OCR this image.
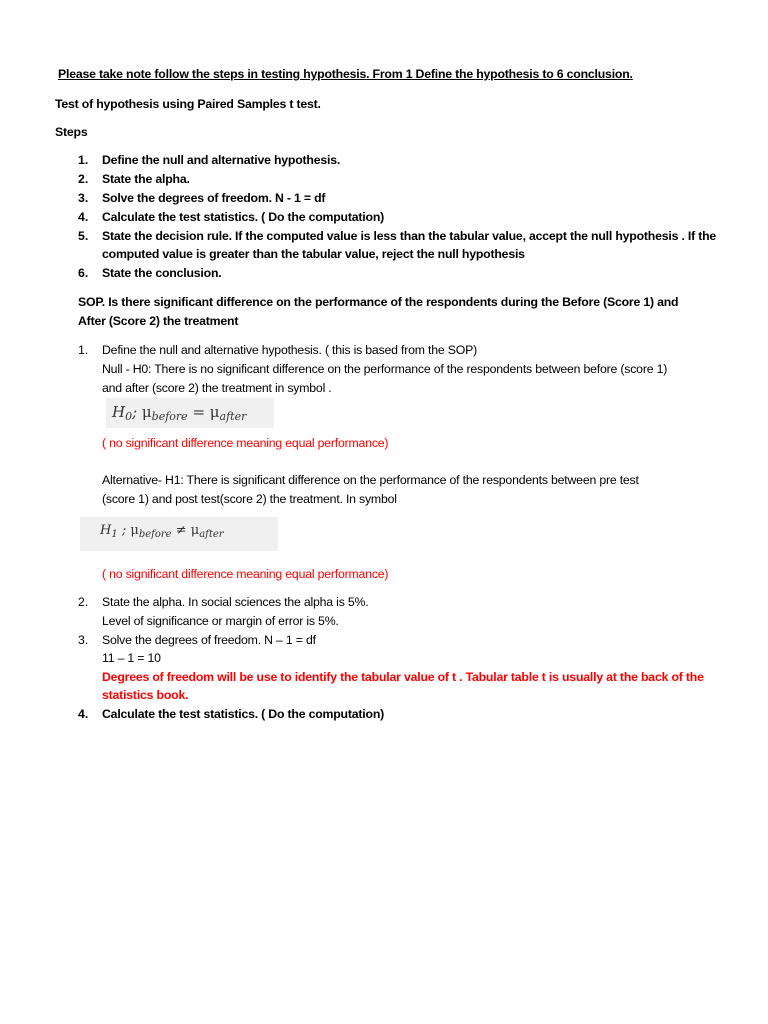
Please take note follow the steps in testing hypothesis. From 1 Define the hypothesis to 6 conclusion.
Test of hypothesis using Paired Samples t test.
Steps
1. Define the null and alternative hypothesis.
2. State the alpha.
3. Solve the degrees of freedom. N - 1 = df
4. Calculate the test statistics. ( Do the computation)
5. State the decision rule. If the computed value is less than the tabular value, accept the null hypothesis . If the
computed value is greater than the tabular value, reject the null hypothesis
6. State the conclusion.
SOP. Is there significant difference on the performance of the respondents during the Before (Score 1) and
After (Score 2) the treatment
1. Define the null and alternative hypothesis. ( this is based from the SOP)
Null - H0: There is no significant difference on the performance of the respondents between before (score 1)
and after (score 2) the treatment in symbol .
$H_0$; $\mu_{before} = \mu_{after}$
( no significant difference meaning equal performance)
Alternative- H1: There is significant difference on the performance of the respondents between pre test
(score 1) and post test(score 2) the treatment. In symbol
$H_1$ ; $\mu_{before} \ne \mu_{after}$
( no significant difference meaning equal performance)
2. State the alpha. In social sciences the alpha is 5%.
Level of significance or margin of error is 5%.
3. Solve the degrees of freedom. N – 1 = df
11 – 1 = 10
Degrees of freedom will be use to identify the tabular value of t . Tabular table t is usually at the back of the
statistics book.
4. Calculate the test statistics. ( Do the computation)
